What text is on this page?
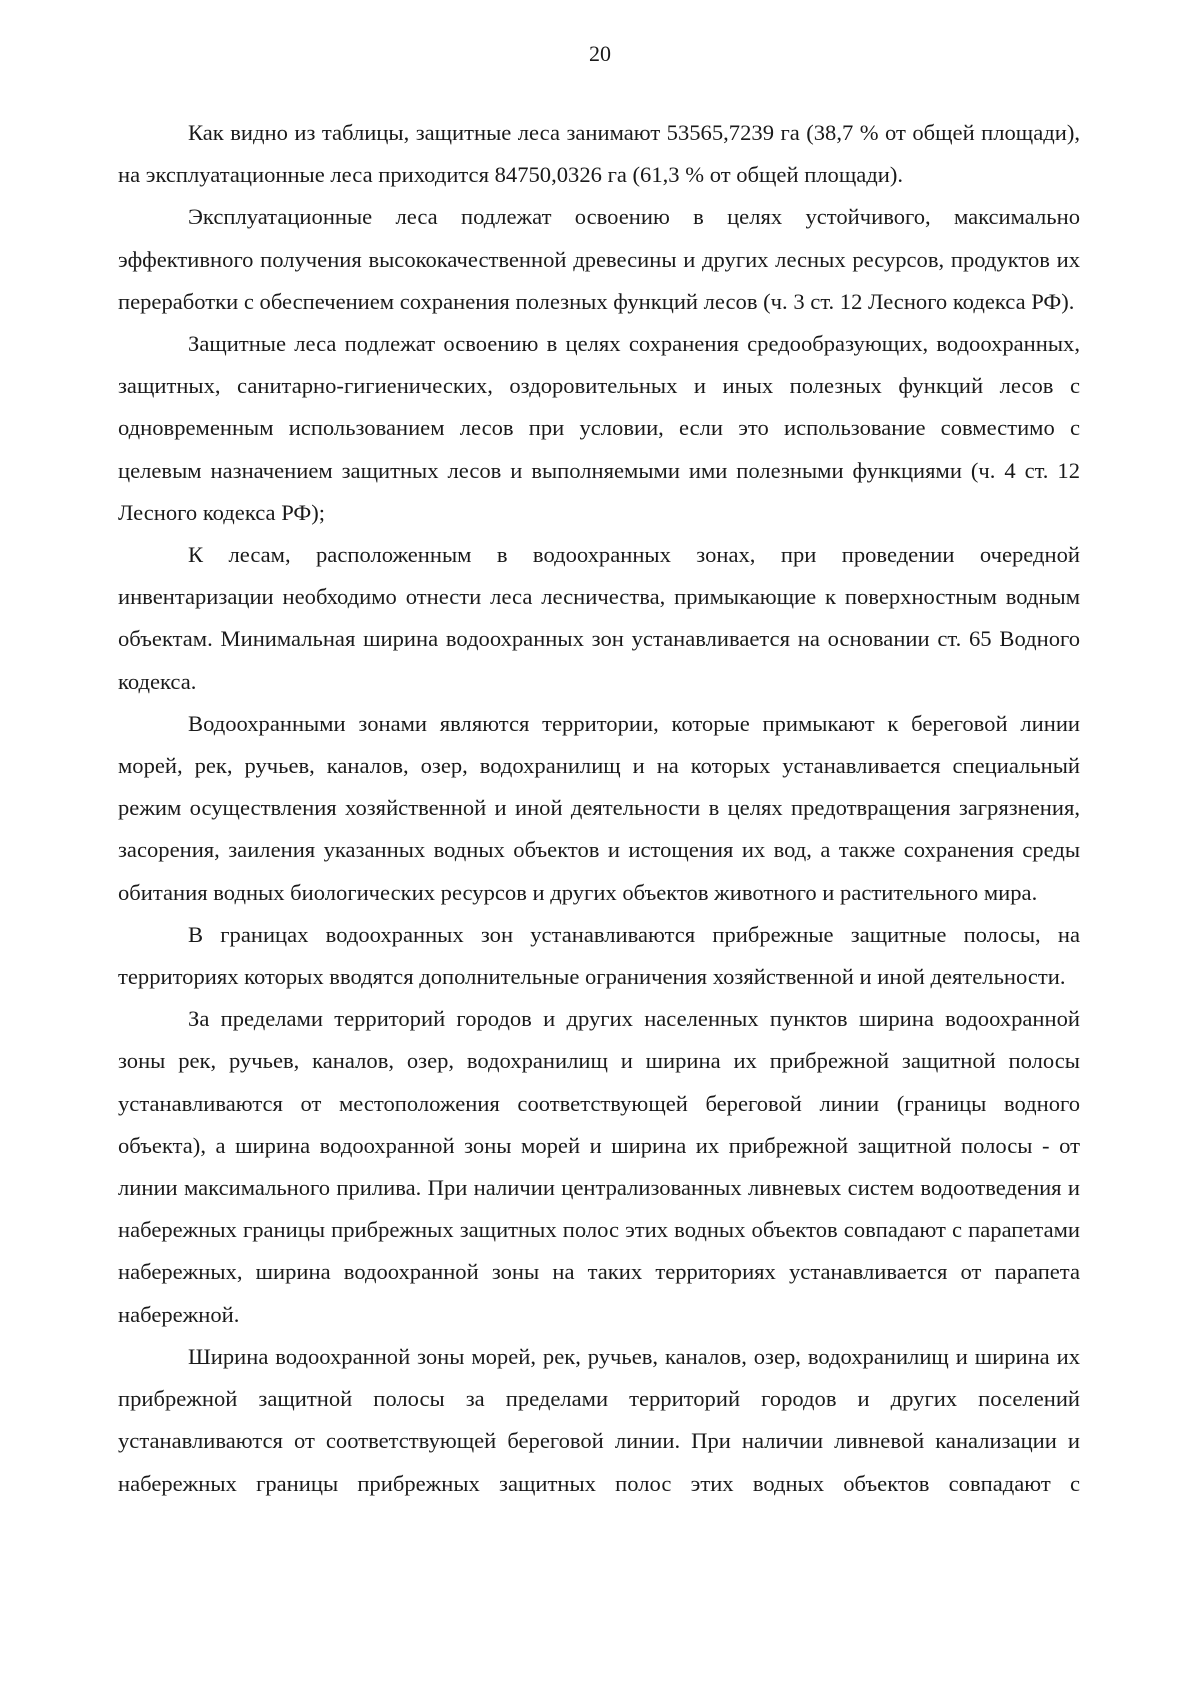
20

Как видно из таблицы, защитные леса занимают 53565,7239 га (38,7 % от общей площади), на эксплуатационные леса приходится 84750,0326 га (61,3 % от общей площади).

Эксплуатационные леса подлежат освоению в целях устойчивого, максимально эффективного получения высококачественной древесины и других лесных ресурсов, продуктов их переработки с обеспечением сохранения полезных функций лесов (ч. 3 ст. 12 Лесного кодекса РФ).

Защитные леса подлежат освоению в целях сохранения средообразующих, водоохранных, защитных, санитарно-гигиенических, оздоровительных и иных полезных функций лесов с одновременным использованием лесов при условии, если это использование совместимо с целевым назначением защитных лесов и выполняемыми ими полезными функциями (ч. 4 ст. 12 Лесного кодекса РФ);

К лесам, расположенным в водоохранных зонах, при проведении очередной инвентаризации необходимо отнести леса лесничества, примыкающие к поверхностным водным объектам. Минимальная ширина водоохранных зон устанавливается на основании ст. 65 Водного кодекса.

Водоохранными зонами являются территории, которые примыкают к береговой линии морей, рек, ручьев, каналов, озер, водохранилищ и на которых устанавливается специальный режим осуществления хозяйственной и иной деятельности в целях предотвращения загрязнения, засорения, заиления указанных водных объектов и истощения их вод, а также сохранения среды обитания водных биологических ресурсов и других объектов животного и растительного мира.

В границах водоохранных зон устанавливаются прибрежные защитные полосы, на территориях которых вводятся дополнительные ограничения хозяйственной и иной деятельности.

За пределами территорий городов и других населенных пунктов ширина водоохранной зоны рек, ручьев, каналов, озер, водохранилищ и ширина их прибрежной защитной полосы устанавливаются от местоположения соответствующей береговой линии (границы водного объекта), а ширина водоохранной зоны морей и ширина их прибрежной защитной полосы - от линии максимального прилива. При наличии централизованных ливневых систем водоотведения и набережных границы прибрежных защитных полос этих водных объектов совпадают с парапетами набережных, ширина водоохранной зоны на таких территориях устанавливается от парапета набережной.

Ширина водоохранной зоны морей, рек, ручьев, каналов, озер, водохранилищ и ширина их прибрежной защитной полосы за пределами территорий городов и других поселений устанавливаются от соответствующей береговой линии. При наличии ливневой канализации и набережных границы прибрежных защитных полос этих водных объектов совпадают с
